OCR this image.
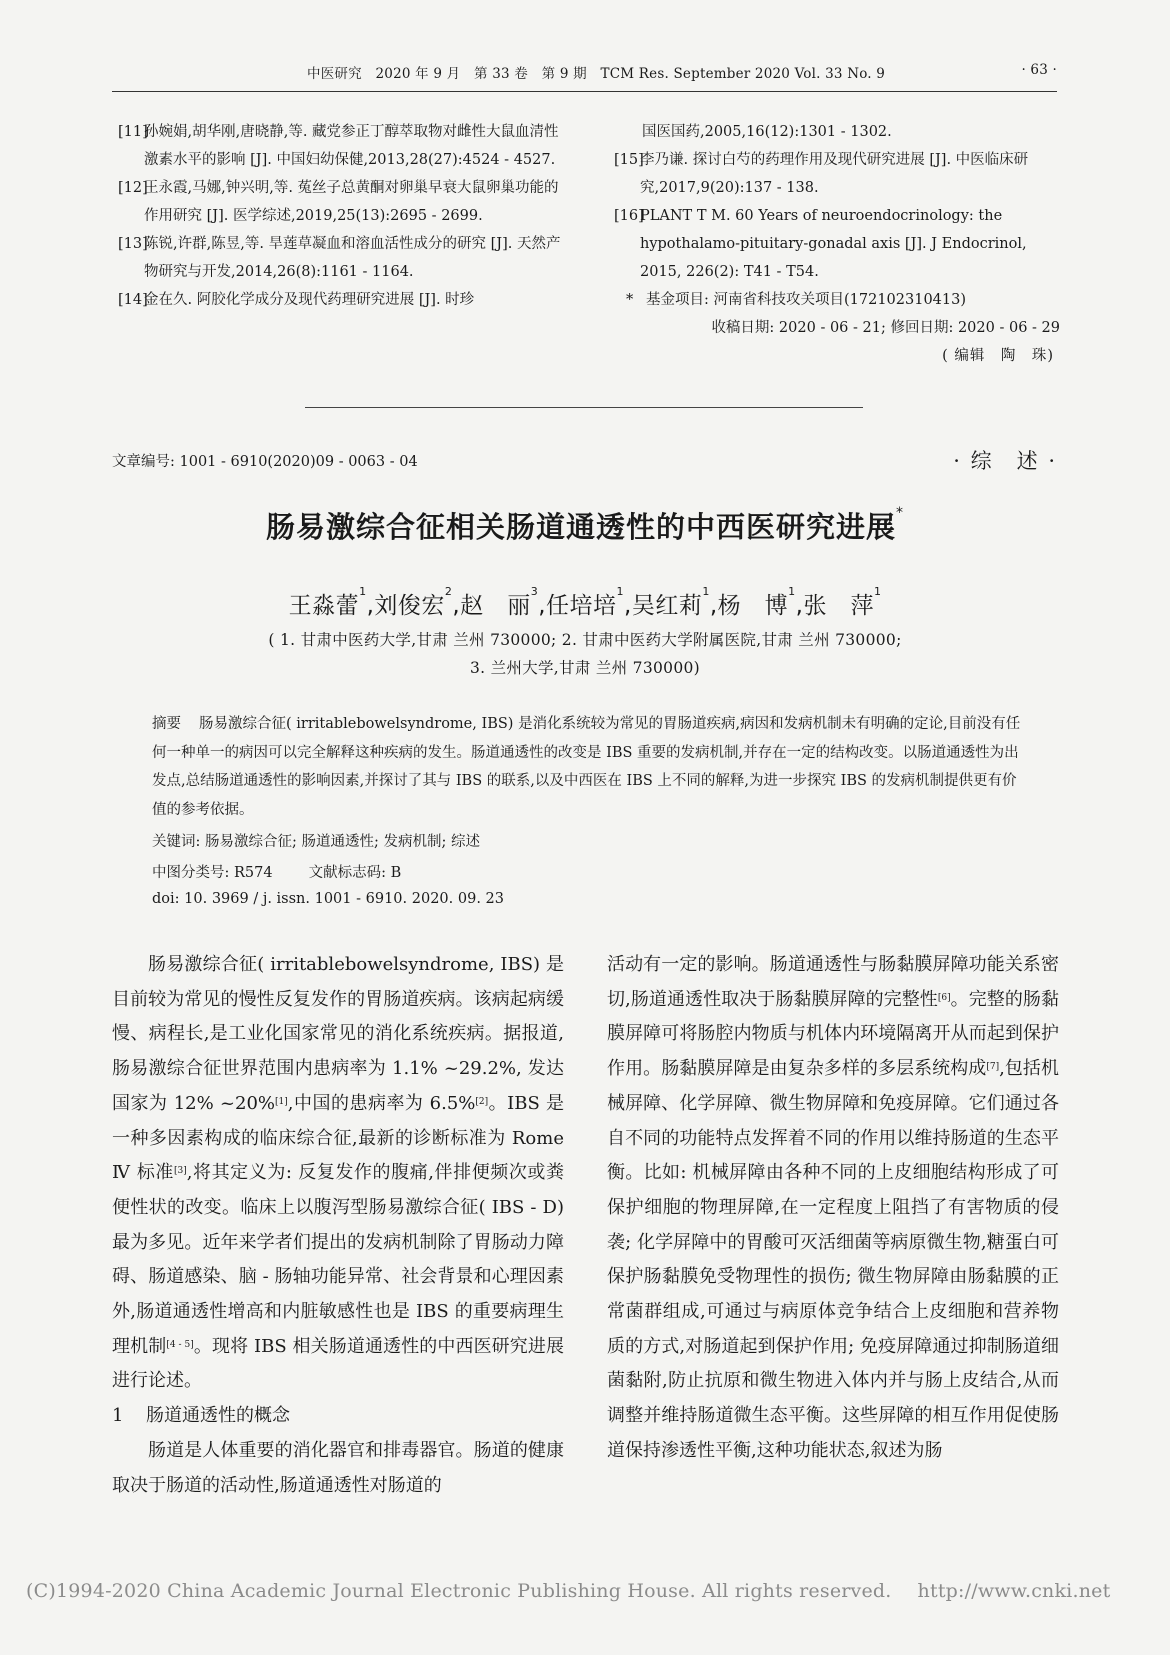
中医研究　2020 年 9 月　第 33 卷　第 9 期　TCM Res. September 2020 Vol. 33 No. 9	· 63 ·
[11]
孙婉娟,胡华刚,唐晓静,等. 藏党参正丁醇萃取物对雌性大鼠血清性激素水平的影响 [J]. 中国妇幼保健,2013,28(27):4524 - 4527.
[12]
王永霞,马娜,钟兴明,等. 菟丝子总黄酮对卵巢早衰大鼠卵巢功能的作用研究 [J]. 医学综述,2019,25(13):2695 - 2699.
[13]
陈锐,许群,陈昱,等. 旱莲草凝血和溶血活性成分的研究 [J]. 天然产物研究与开发,2014,26(8):1161 - 1164.
[14]
金在久. 阿胶化学成分及现代药理研究进展 [J]. 时珍
国医国药,2005,16(12):1301 - 1302.
[15]
李乃谦. 探讨白芍的药理作用及现代研究进展 [J]. 中医临床研究,2017,9(20):137 - 138.
[16]
PLANT T M. 60 Years of neuroendocrinology: the hypothalamo-pituitary-gonadal axis [J]. J Endocrinol, 2015, 226(2): T41 - T54.
* 基金项目: 河南省科技攻关项目(172102310413)
收稿日期: 2020 - 06 - 21; 修回日期: 2020 - 06 - 29
( 编辑　陶　珠)
文章编号: 1001 - 6910(2020)09 - 0063 - 04	· 综　述 ·
肠易激综合征相关肠道通透性的中西医研究进展*
王淼蕾$^1$,刘俊宏$^2$,赵　丽$^3$,任培培$^1$,吴红莉$^1$,杨　博$^1$,张　萍$^1$
( 1. 甘肃中医药大学,甘肃 兰州 730000; 2. 甘肃中医药大学附属医院,甘肃 兰州 730000;
3. 兰州大学,甘肃 兰州 730000)
摘要 肠易激综合征( irritablebowelsyndrome, IBS) 是消化系统较为常见的胃肠道疾病,病因和发病机制未有明确的定论,目前没有任何一种单一的病因可以完全解释这种疾病的发生。肠道通透性的改变是 IBS 重要的发病机制,并存在一定的结构改变。以肠道通透性为出发点,总结肠道通透性的影响因素,并探讨了其与 IBS 的联系,以及中西医在 IBS 上不同的解释,为进一步探究 IBS 的发病机制提供更有价值的参考依据。
关键词: 肠易激综合征; 肠道通透性; 发病机制; 综述
中图分类号: R574 文献标志码: B
doi: 10. 3969 / j. issn. 1001 - 6910. 2020. 09. 23

肠易激综合征( irritablebowelsyndrome, IBS) 是目前较为常见的慢性反复发作的胃肠道疾病。该病起病缓慢、病程长,是工业化国家常见的消化系统疾病。据报道,肠易激综合征世界范围内患病率为 1.1% ~29.2%, 发达国家为 12% ~20%[1],中国的患病率为 6.5%[2]。IBS 是一种多因素构成的临床综合征,最新的诊断标准为 Rome Ⅳ 标准[3],将其定义为: 反复发作的腹痛,伴排便频次或粪便性状的改变。临床上以腹泻型肠易激综合征( IBS - D) 最为多见。近年来学者们提出的发病机制除了胃肠动力障碍、肠道感染、脑 - 肠轴功能异常、社会背景和心理因素外,肠道通透性增高和内脏敏感性也是 IBS 的重要病理生理机制[4 - 5]。现将 IBS 相关肠道通透性的中西医研究进展进行论述。

1 肠道通透性的概念

肠道是人体重要的消化器官和排毒器官。肠道的健康取决于肠道的活动性,肠道通透性对肠道的

活动有一定的影响。肠道通透性与肠黏膜屏障功能关系密切,肠道通透性取决于肠黏膜屏障的完整性[6]。完整的肠黏膜屏障可将肠腔内物质与机体内环境隔离开从而起到保护作用。肠黏膜屏障是由复杂多样的多层系统构成[7],包括机械屏障、化学屏障、微生物屏障和免疫屏障。它们通过各自不同的功能特点发挥着不同的作用以维持肠道的生态平衡。比如: 机械屏障由各种不同的上皮细胞结构形成了可保护细胞的物理屏障,在一定程度上阻挡了有害物质的侵袭; 化学屏障中的胃酸可灭活细菌等病原微生物,糖蛋白可保护肠黏膜免受物理性的损伤; 微生物屏障由肠黏膜的正常菌群组成,可通过与病原体竞争结合上皮细胞和营养物质的方式,对肠道起到保护作用; 免疫屏障通过抑制肠道细菌黏附,防止抗原和微生物进入体内并与肠上皮结合,从而调整并维持肠道微生态平衡。这些屏障的相互作用促使肠道保持渗透性平衡,这种功能状态,叙述为肠

(C)1994-2020 China Academic Journal Electronic Publishing House. All rights reserved. http://www.cnki.net
